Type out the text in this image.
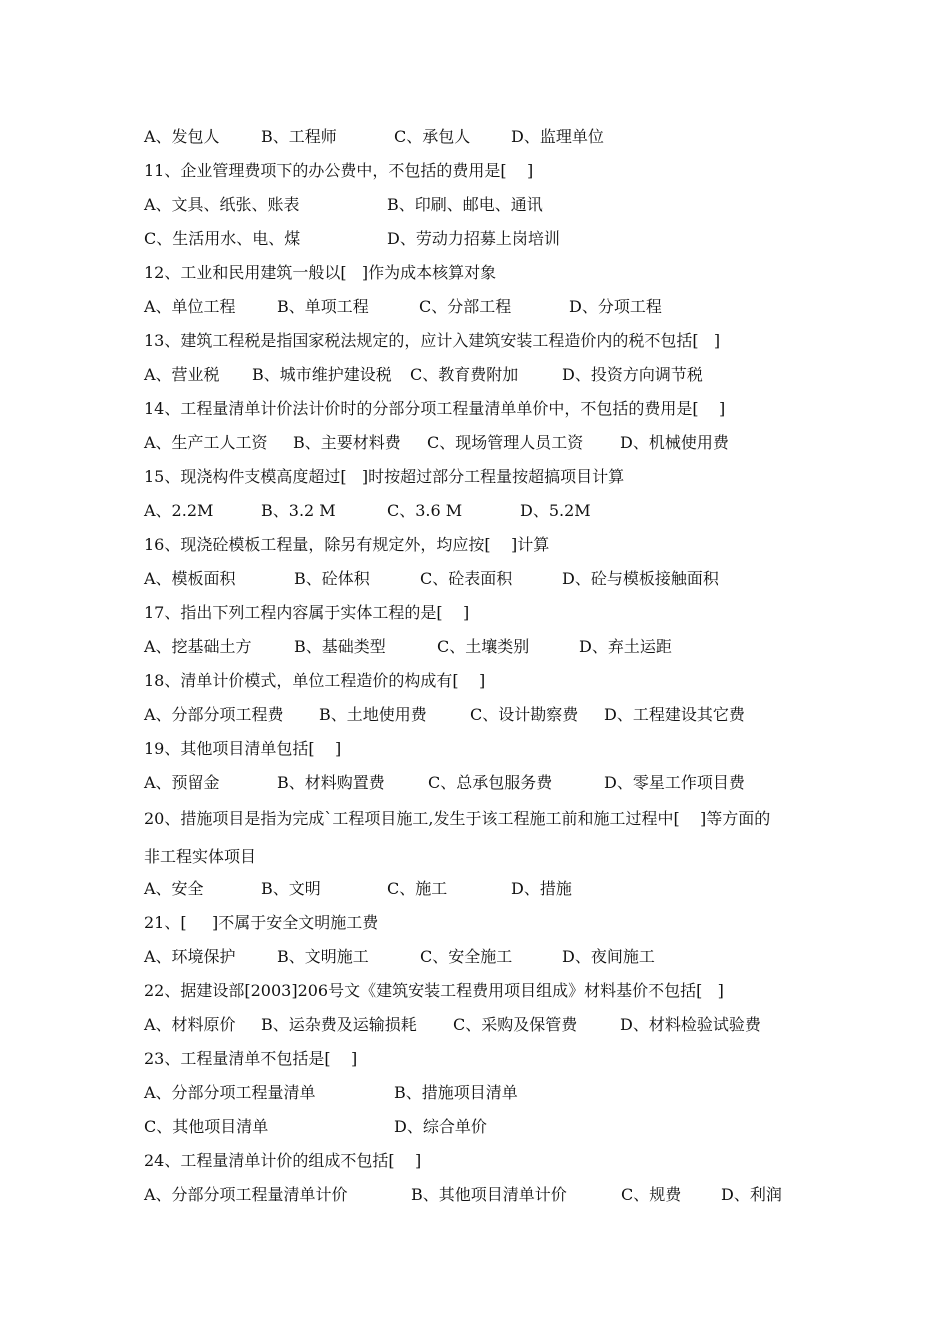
A、发包人	B、工程师	C、承包人	D、监理单位
11、企业管理费项下的办公费中，不包括的费用是[    ]
A、文具、纸张、账表	B、印刷、邮电、通讯
C、生活用水、电、煤	D、劳动力招募上岗培训
12、工业和民用建筑一般以[   ]作为成本核算对象
A、单位工程	B、单项工程	C、分部工程	D、分项工程
13、建筑工程税是指国家税法规定的，应计入建筑安装工程造价内的税不包括[   ]
A、营业税 B、城市维护建设税 C、教育费附加	D、投资方向调节税
14、工程量清单计价法计价时的分部分项工程量清单单价中，不包括的费用是[    ]
A、生产工人工资 B、主要材料费 C、现场管理人员工资 D、机械使用费
15、现浇构件支模高度超过[   ]时按超过部分工程量按超搞项目计算
A、2.2M	B、3.2 M	C、3.6 M	D、5.2M
16、现浇砼模板工程量，除另有规定外，均应按[    ]计算
A、模板面积	B、砼体积	C、砼表面积	D、砼与模板接触面积
17、指出下列工程内容属于实体工程的是[    ]
A、挖基础土方	B、基础类型	C、土壤类别	D、弃土运距
18、清单计价模式，单位工程造价的构成有[    ]
A、分部分项工程费 B、土地使用费	C、设计勘察费 D、工程建设其它费
19、其他项目清单包括[    ]
A、预留金	B、材料购置费	C、总承包服务费	D、零星工作项目费
20、措施项目是指为完成`工程项目施工,发生于该工程施工前和施工过程中[    ]等方面的
非工程实体项目
A、安全	B、文明	C、施工	D、措施
21、[     ]不属于安全文明施工费
A、环境保护	B、文明施工	C、安全施工	D、夜间施工
22、据建设部[2003]206号文《建筑安装工程费用项目组成》材料基价不包括[   ]
A、材料原价 B、运杂费及运输损耗 C、采购及保管费	D、材料检验试验费
23、工程量清单不包括是[    ]
A、分部分项工程量清单	B、措施项目清单
C、其他项目清单	D、综合单价
24、工程量清单计价的组成不包括[    ]
A、分部分项工程量清单计价	B、其他项目清单计价	C、规费 D、利润
